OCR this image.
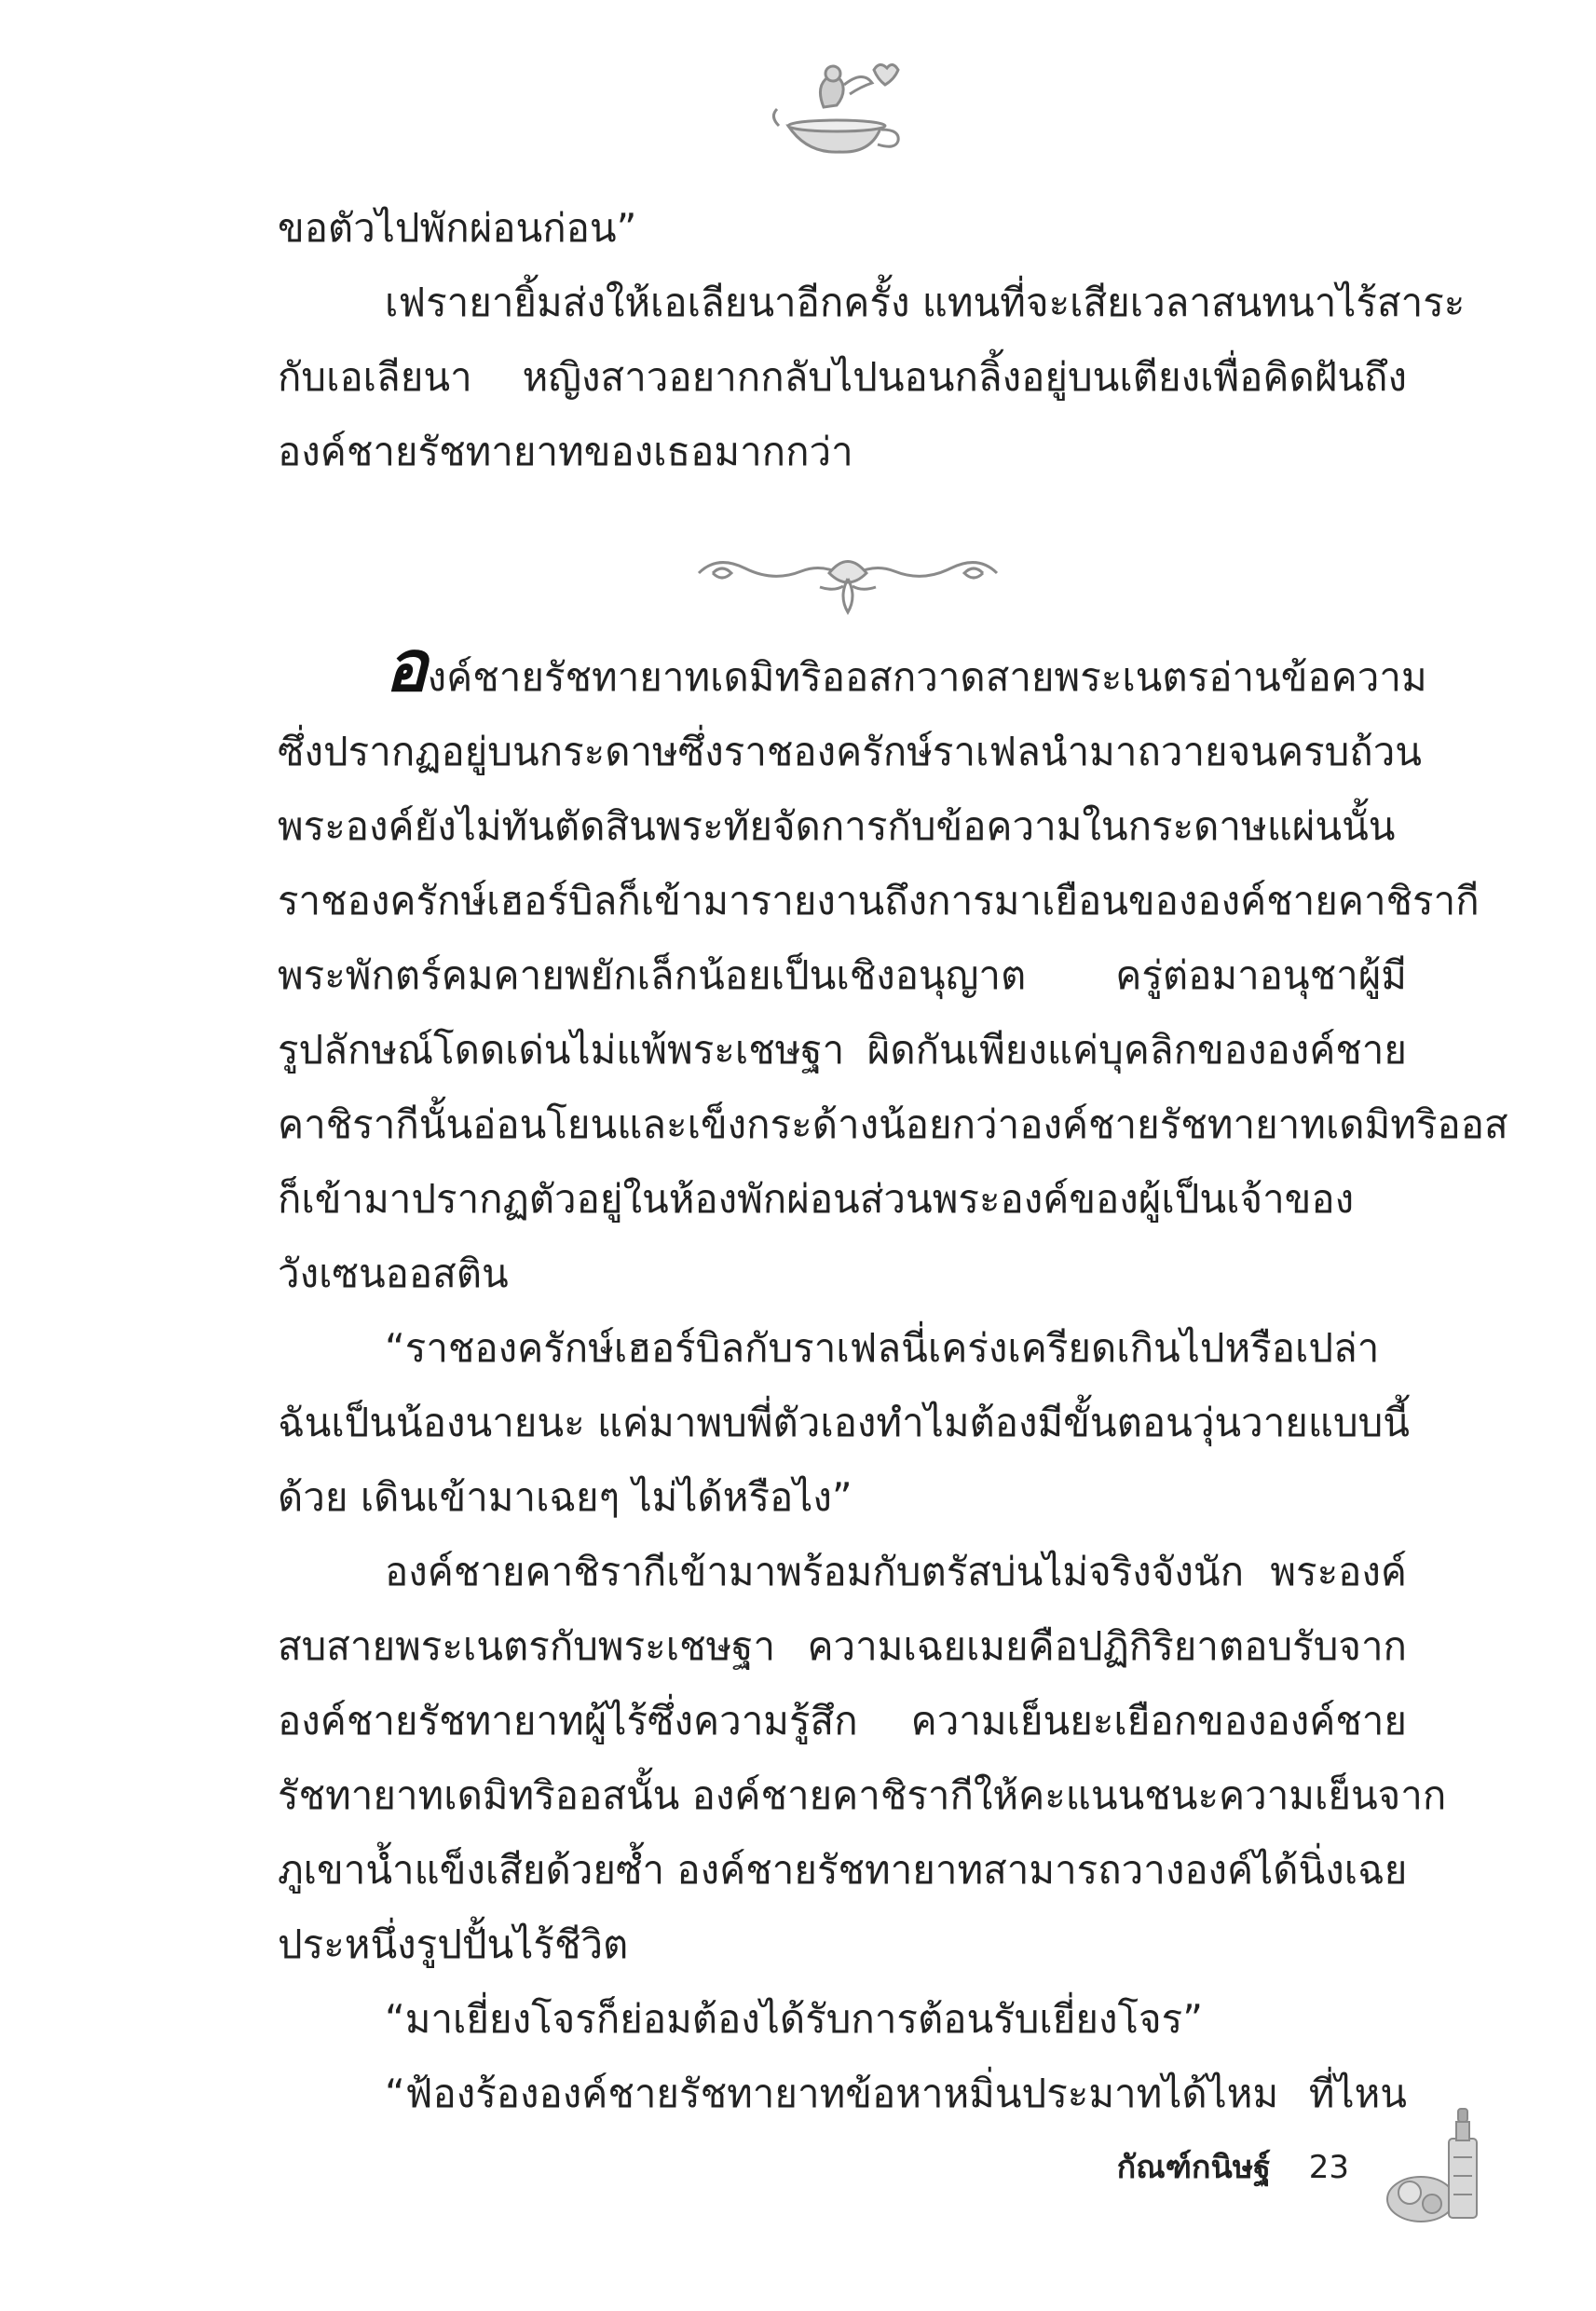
ขอตัวไปพักผ่อนก่อน”
เฟรายายิ้มส่งให้เอเลียนาอีกครั้ง แทนที่จะเสียเวลาสนทนาไร้สาระ
กับเอเลียนา หญิงสาวอยากกลับไปนอนกลิ้งอยู่บนเตียงเพื่อคิดฝันถึง
องค์ชายรัชทายาทของเธอมากกว่า
องค์ชายรัชทายาทเดมิทริออสกวาดสายพระเนตรอ่านข้อความ
ซึ่งปรากฏอยู่บนกระดาษซึ่งราชองครักษ์ราเฟลนำมาถวายจนครบถ้วน
พระองค์ยังไม่ทันตัดสินพระทัยจัดการกับข้อความในกระดาษแผ่นนั้น
ราชองครักษ์เฮอร์บิลก็เข้ามารายงานถึงการมาเยือนขององค์ชายคาชิรากี
พระพักตร์คมคายพยักเล็กน้อยเป็นเชิงอนุญาต ครู่ต่อมาอนุชาผู้มี
รูปลักษณ์โดดเด่นไม่แพ้พระเชษฐา ผิดกันเพียงแค่บุคลิกขององค์ชาย
คาชิรากีนั้นอ่อนโยนและเข็งกระด้างน้อยกว่าองค์ชายรัชทายาทเดมิทริออส
ก็เข้ามาปรากฏตัวอยู่ในห้องพักผ่อนส่วนพระองค์ของผู้เป็นเจ้าของ
วังเซนออสติน
“ราชองครักษ์เฮอร์บิลกับราเฟลนี่เคร่งเครียดเกินไปหรือเปล่า
ฉันเป็นน้องนายนะ แค่มาพบพี่ตัวเองทำไมต้องมีขั้นตอนวุ่นวายแบบนี้
ด้วย เดินเข้ามาเฉยๆ ไม่ได้หรือไง”
องค์ชายคาชิรากีเข้ามาพร้อมกับตรัสบ่นไม่จริงจังนัก พระองค์
สบสายพระเนตรกับพระเชษฐา ความเฉยเมยคือปฏิกิริยาตอบรับจาก
องค์ชายรัชทายาทผู้ไร้ซึ่งความรู้สึก ความเย็นยะเยือกขององค์ชาย
รัชทายาทเดมิทริออสนั้น องค์ชายคาชิรากีให้คะแนนชนะความเย็นจาก
ภูเขาน้ำแข็งเสียด้วยซ้ำ องค์ชายรัชทายาทสามารถวางองค์ได้นิ่งเฉย
ประหนึ่งรูปปั้นไร้ชีวิต
“มาเยี่ยงโจรก็ย่อมต้องได้รับการต้อนรับเยี่ยงโจร”
“ฟ้องร้ององค์ชายรัชทายาทข้อหาหมิ่นประมาทได้ไหม ที่ไหน
กัณฑ์กนิษฐ์ 23
